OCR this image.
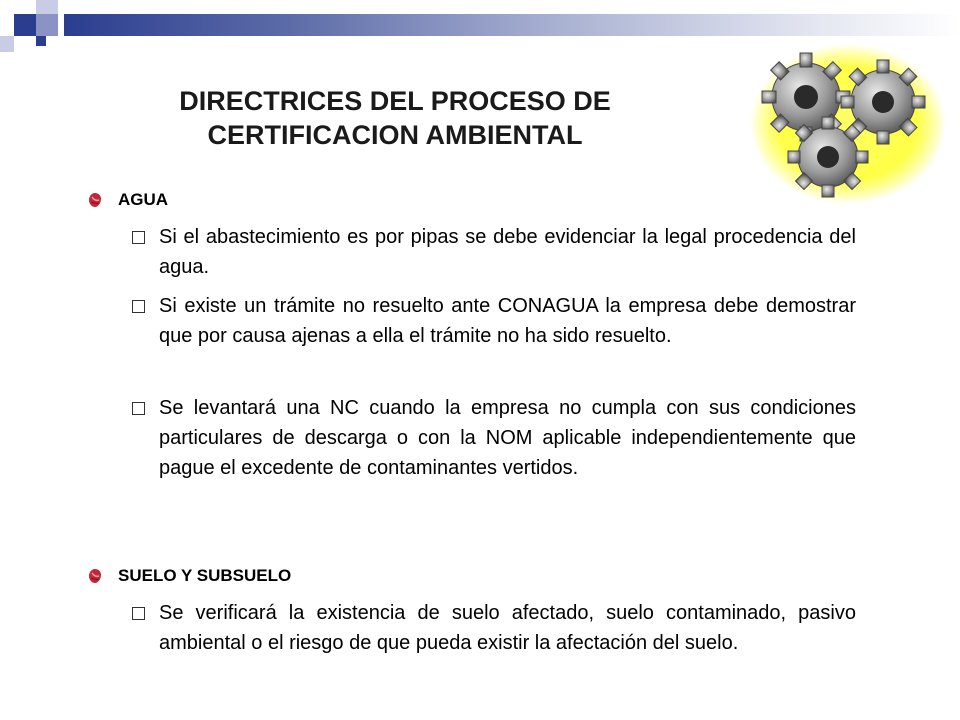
DIRECTRICES DEL PROCESO DE
CERTIFICACION AMBIENTAL
AGUA
Si el abastecimiento es por pipas se debe evidenciar la legal procedencia del agua.
Si existe un trámite no resuelto ante CONAGUA la empresa debe demostrar que por causa ajenas a ella el trámite no ha sido resuelto.
Se levantará una NC cuando la empresa no cumpla con sus condiciones particulares de descarga o con la NOM aplicable independientemente que pague el excedente de contaminantes vertidos.
SUELO Y SUBSUELO
Se verificará la existencia de suelo afectado, suelo contaminado, pasivo ambiental o el riesgo de que pueda existir la afectación del suelo.
